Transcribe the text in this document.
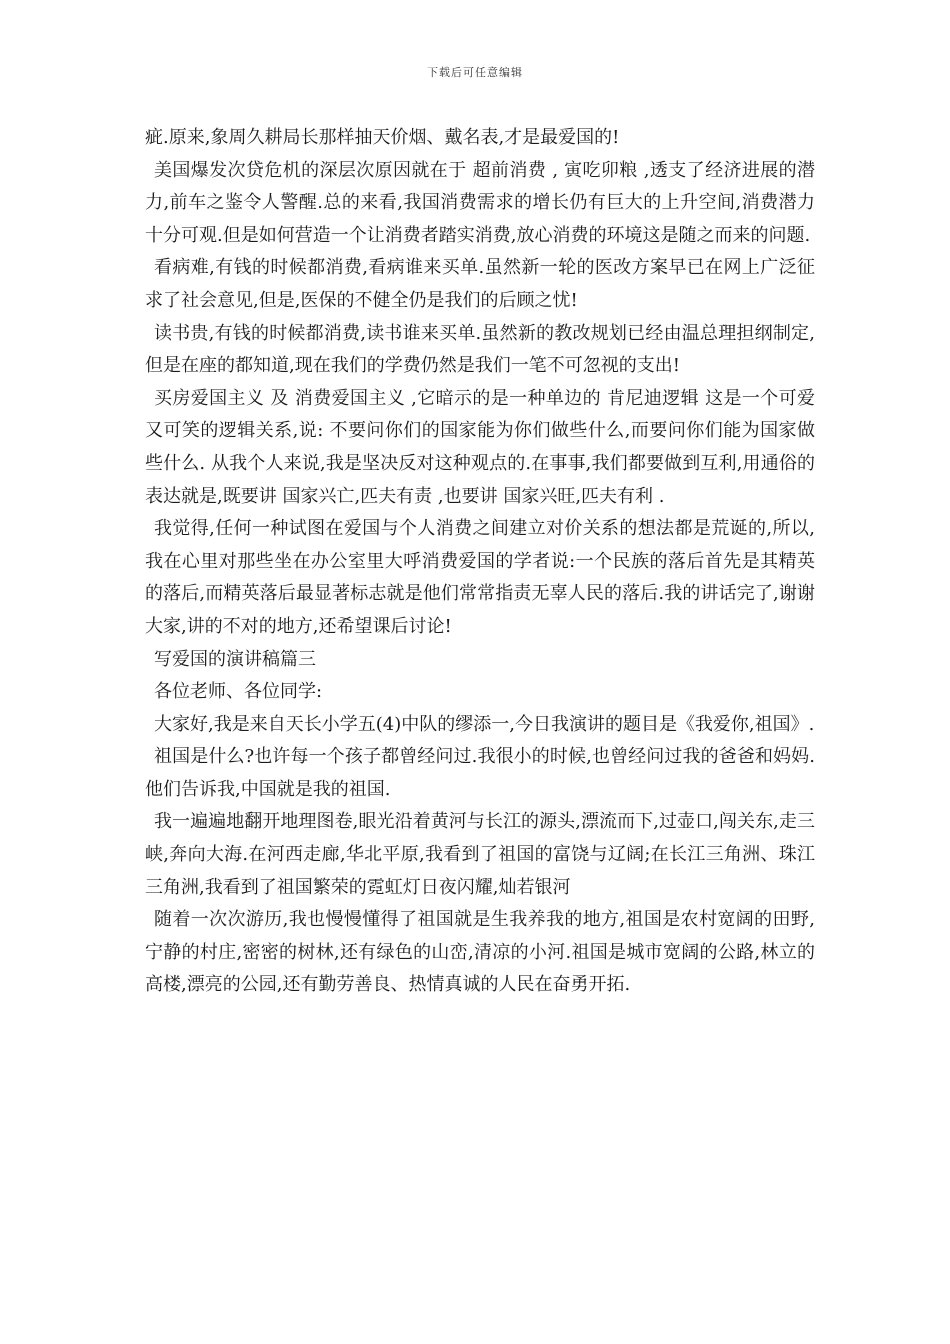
下载后可任意编辑

疵.原来,象周久耕局长那样抽天价烟、戴名表,才是最爱国的!

美国爆发次贷危机的深层次原因就在于 超前消费 , 寅吃卯粮 ,透支了经济进展的潜力,前车之鉴令人警醒.总的来看,我国消费需求的增长仍有巨大的上升空间,消费潜力十分可观.但是如何营造一个让消费者踏实消费,放心消费的环境这是随之而来的问题.

看病难,有钱的时候都消费,看病谁来买单.虽然新一轮的医改方案早已在网上广泛征求了社会意见,但是,医保的不健全仍是我们的后顾之忧!

读书贵,有钱的时候都消费,读书谁来买单.虽然新的教改规划已经由温总理担纲制定,但是在座的都知道,现在我们的学费仍然是我们一笔不可忽视的支出!

买房爱国主义 及 消费爱国主义 ,它暗示的是一种单边的 肯尼迪逻辑 这是一个可爱又可笑的逻辑关系,说: 不要问你们的国家能为你们做些什么,而要问你们能为国家做些什么. 从我个人来说,我是坚决反对这种观点的.在事事,我们都要做到互利,用通俗的表达就是,既要讲 国家兴亡,匹夫有责 ,也要讲 国家兴旺,匹夫有利 .

我觉得,任何一种试图在爱国与个人消费之间建立对价关系的想法都是荒诞的,所以,我在心里对那些坐在办公室里大呼消费爱国的学者说:一个民族的落后首先是其精英的落后,而精英落后最显著标志就是他们常常指责无辜人民的落后.我的讲话完了,谢谢大家,讲的不对的地方,还希望课后讨论!

写爱国的演讲稿篇三

各位老师、各位同学:

大家好,我是来自天长小学五(4)中队的缪添一,今日我演讲的题目是《我爱你,祖国》.

祖国是什么?也许每一个孩子都曾经问过.我很小的时候,也曾经问过我的爸爸和妈妈.他们告诉我,中国就是我的祖国.

我一遍遍地翻开地理图卷,眼光沿着黄河与长江的源头,漂流而下,过壶口,闯关东,走三峡,奔向大海.在河西走廊,华北平原,我看到了祖国的富饶与辽阔;在长江三角洲、珠江三角洲,我看到了祖国繁荣的霓虹灯日夜闪耀,灿若银河

随着一次次游历,我也慢慢懂得了祖国就是生我养我的地方,祖国是农村宽阔的田野,宁静的村庄,密密的树林,还有绿色的山峦,清凉的小河.祖国是城市宽阔的公路,林立的高楼,漂亮的公园,还有勤劳善良、热情真诚的人民在奋勇开拓.
